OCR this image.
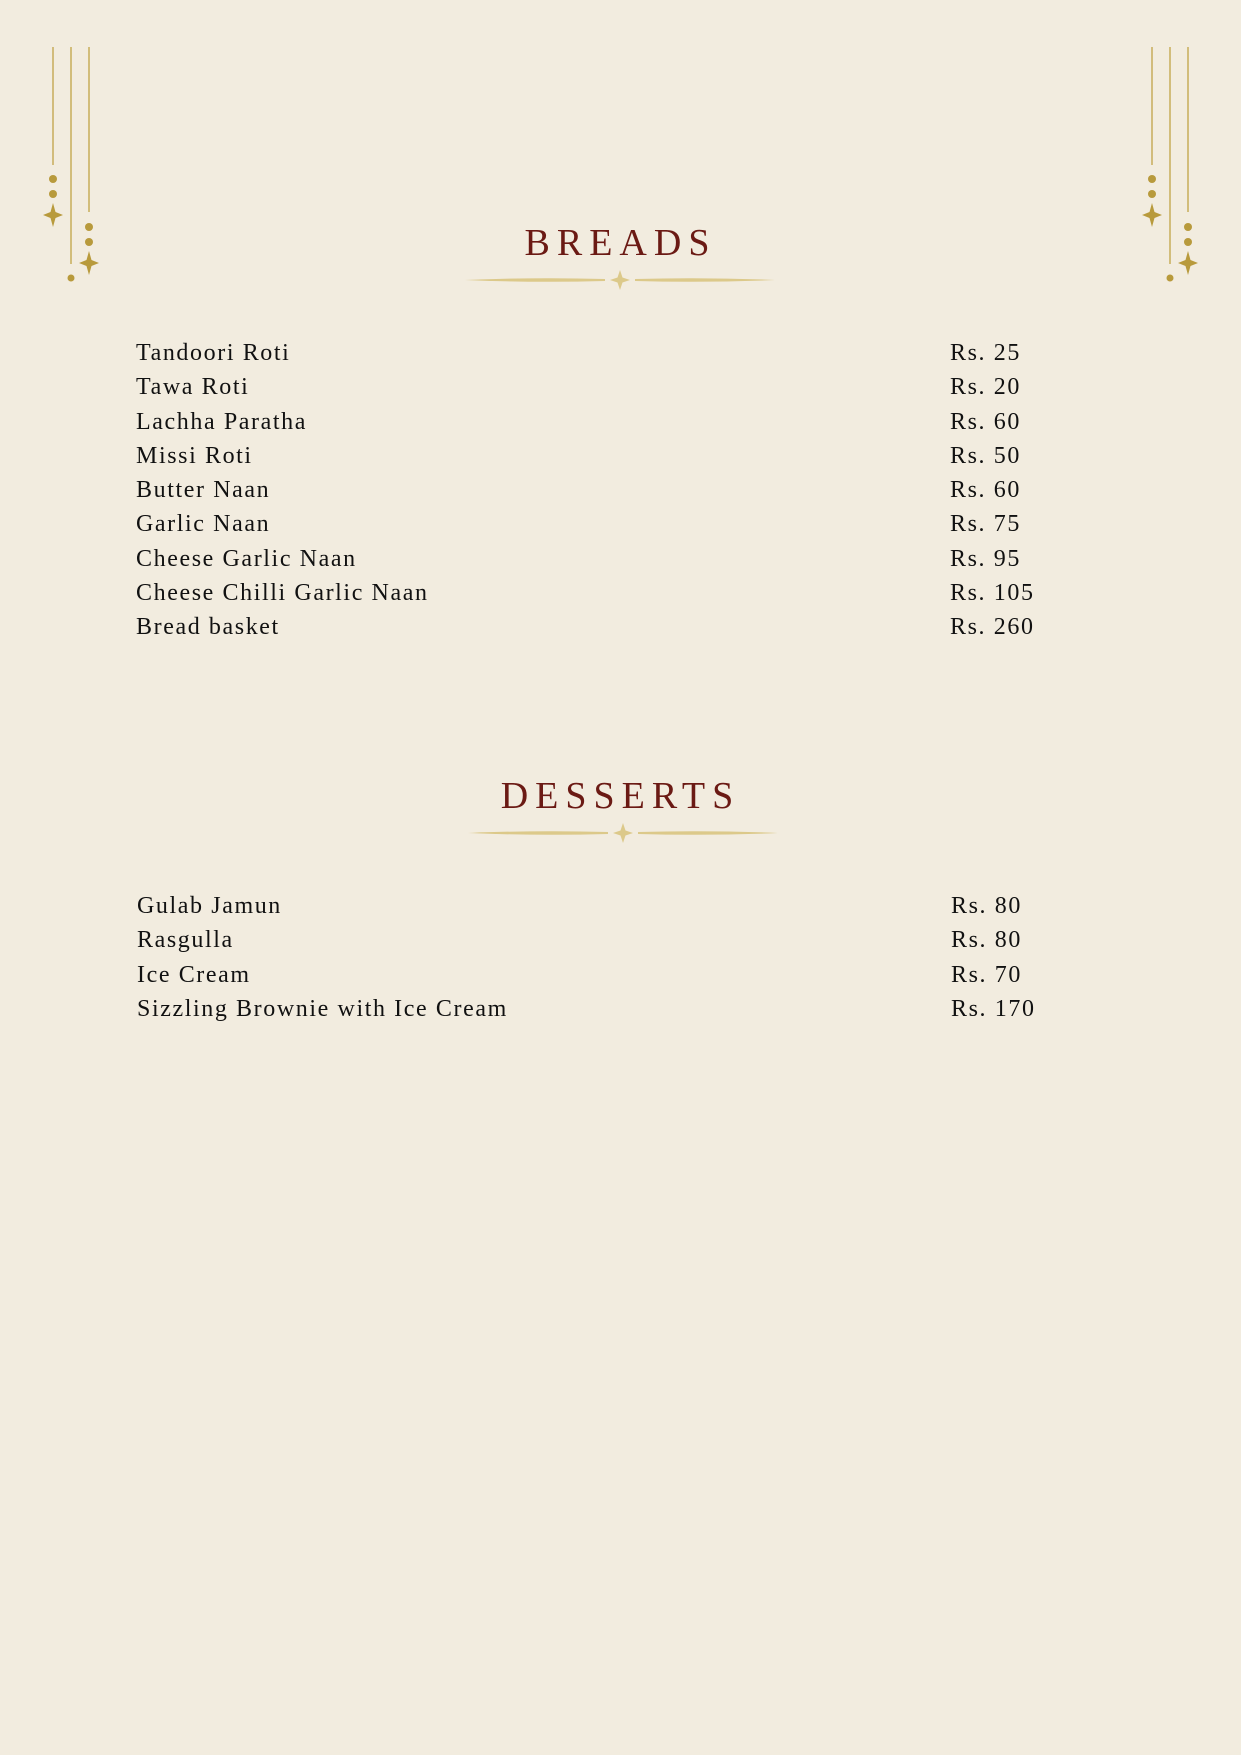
BREADS
Tandoori Roti	Rs. 25
Tawa Roti	Rs. 20
Lachha Paratha	Rs. 60
Missi Roti	Rs. 50
Butter Naan	Rs. 60
Garlic Naan	Rs. 75
Cheese Garlic Naan	Rs. 95
Cheese Chilli Garlic Naan	Rs. 105
Bread basket	Rs. 260
DESSERTS
Gulab Jamun	Rs. 80
Rasgulla	Rs. 80
Ice Cream	Rs. 70
Sizzling Brownie with Ice Cream	Rs. 170
